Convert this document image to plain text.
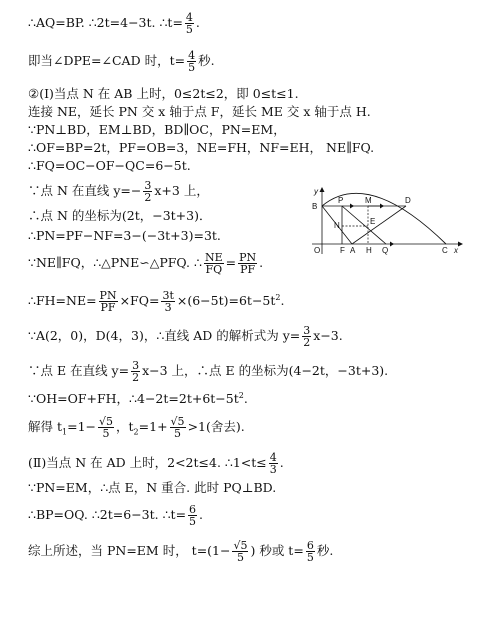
∴AQ=BP. ∴2t=4−3t. ∴t= $\frac{4}{5}$ .
即当∠DPE=∠CAD 时，$t= \frac{4}{5}$ 秒.
②(Ⅰ)当点 N 在 AB 上时，0≤2t≤2，即 0≤t≤1.
连接 NE，延长 PN 交 x 轴于点 F，延长 ME 交 x 轴于点 H.
∵PN⊥BD，EM⊥BD，BD∥OC，PN=EM，
∴OF=BP=2t，PF=OB=3，NE=FH，NF=EH， NE∥FQ.
∴FQ=OC−OF−QC=6−5t.
∵点 N 在直线 $y=- \frac{3}{2} x+3$ 上，
∴点 N 的坐标为(2t，−3t+3)．
∴PN=PF−NF=3−(−3t+3)=3t.
∵NE∥FQ，∴△PNE∽△PFQ. ∴ $\frac{NE}{FQ} = \frac{PN}{PF}$ .
∴FH=NE= $\frac{PN}{PF} \times FQ= \frac{3t}{3} \times(6-5t)=6t-5t^2$.
∵A(2，0)，D(4，3)，∴直线 AD 的解析式为 $y= \frac{3}{2} x-3$.
∵点 E 在直线 $y= \frac{3}{2} x-3$ 上，∴点 E 的坐标为(4−2t，−3t+3).
∵OH=OF+FH，$\therefore 4-2t=2t+6t-5t^2$.
解得 $t_1=1- \frac{√5}{5}$ ，$t_2=1+ \frac{√5}{5} >1$(舍去).
(Ⅱ)当点 N 在 AD 上时，2<2t≤4. ∴1<t≤ $\frac{4}{3}$ .
∵PN=EM，∴点 E，N 重合. 此时 PQ⊥BD.
∴BP=OQ. ∴2t=6−3t. ∴t= $\frac{6}{5}$ .
综上所述，当 PN=EM 时， $t=(1- \frac{√5}{5}$ ) 秒或 $t= \frac{6}{5}$ 秒.
y
P	M	D
B
N	E
O F A H Q	C x
